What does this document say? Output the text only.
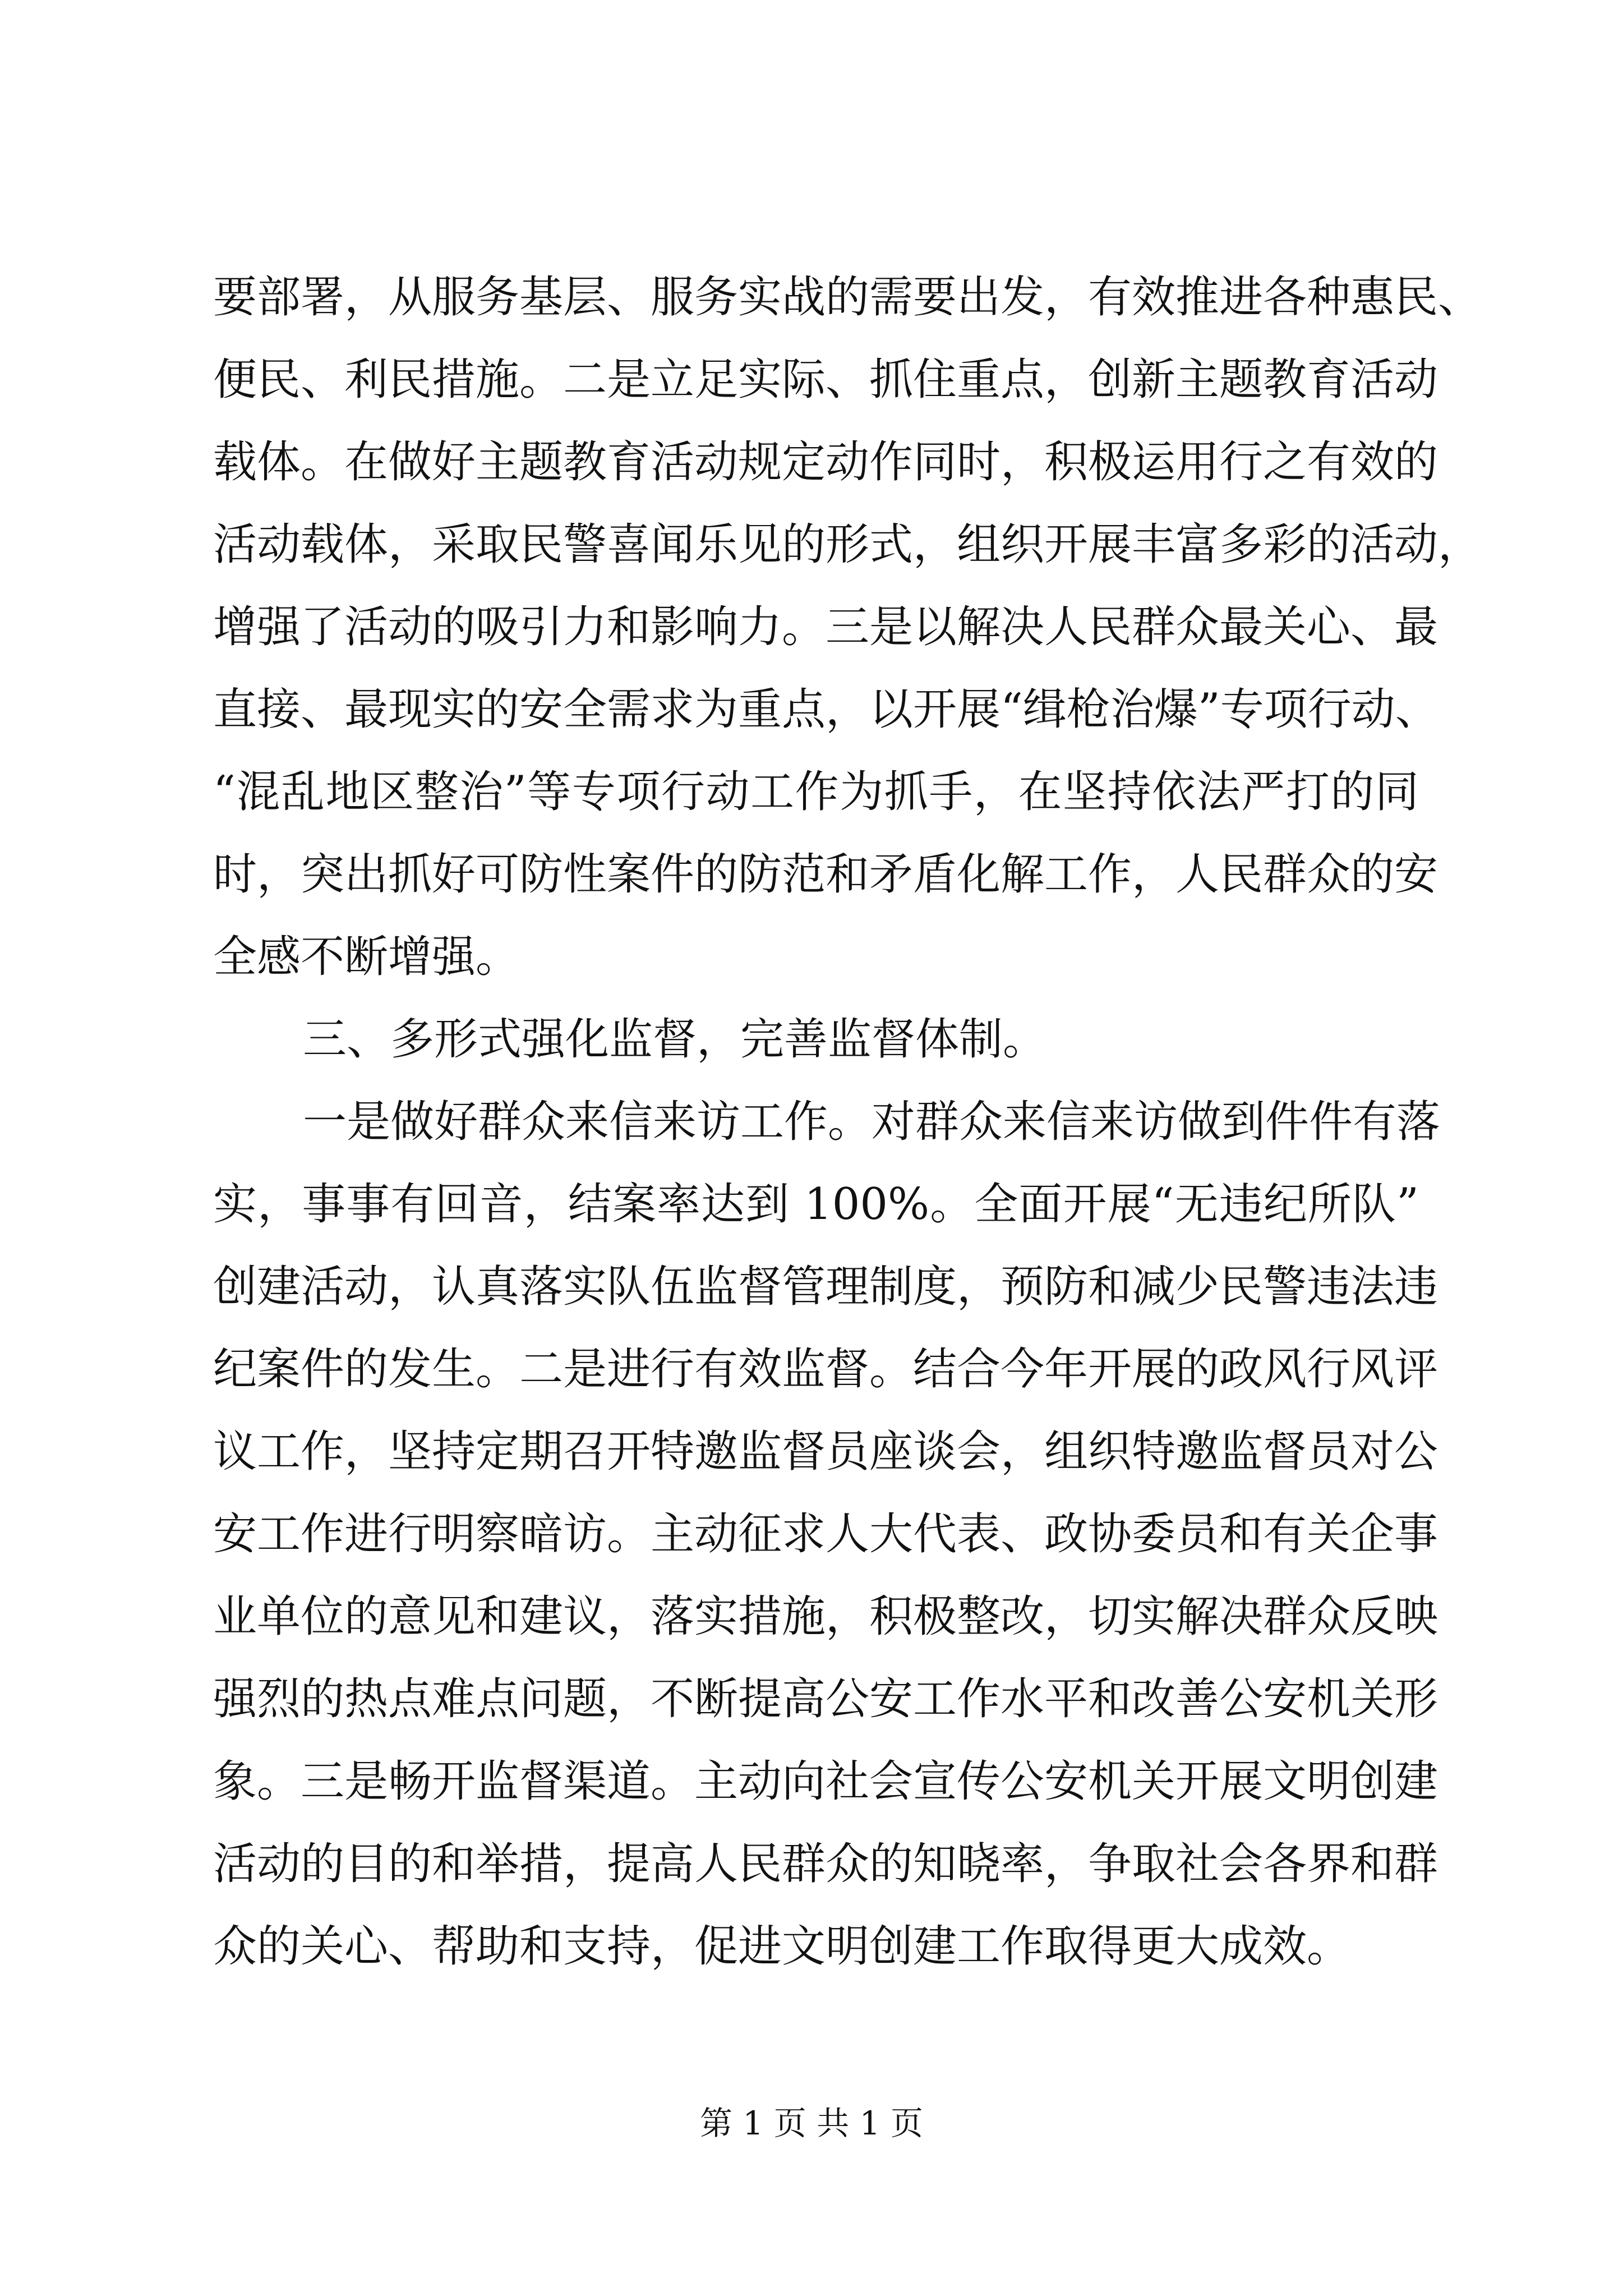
要部署，从服务基层、服务实战的需要出发，有效推进各种惠民、
便民、利民措施。二是立足实际、抓住重点，创新主题教育活动
载体。在做好主题教育活动规定动作同时，积极运用行之有效的
活动载体，采取民警喜闻乐见的形式，组织开展丰富多彩的活动，
增强了活动的吸引力和影响力。三是以解决人民群众最关心、最
直接、最现实的安全需求为重点，以开展“缉枪治爆”专项行动、
“混乱地区整治”等专项行动工作为抓手，在坚持依法严打的同
时，突出抓好可防性案件的防范和矛盾化解工作，人民群众的安
全感不断增强。
三、多形式强化监督，完善监督体制。
一是做好群众来信来访工作。对群众来信来访做到件件有落
实，事事有回音，结案率达到 100%。全面开展“无违纪所队”
创建活动，认真落实队伍监督管理制度，预防和减少民警违法违
纪案件的发生。二是进行有效监督。结合今年开展的政风行风评
议工作，坚持定期召开特邀监督员座谈会，组织特邀监督员对公
安工作进行明察暗访。主动征求人大代表、政协委员和有关企事
业单位的意见和建议，落实措施，积极整改，切实解决群众反映
强烈的热点难点问题，不断提高公安工作水平和改善公安机关形
象。三是畅开监督渠道。主动向社会宣传公安机关开展文明创建
活动的目的和举措，提高人民群众的知晓率，争取社会各界和群
众的关心、帮助和支持，促进文明创建工作取得更大成效。
第 1 页 共 1 页
